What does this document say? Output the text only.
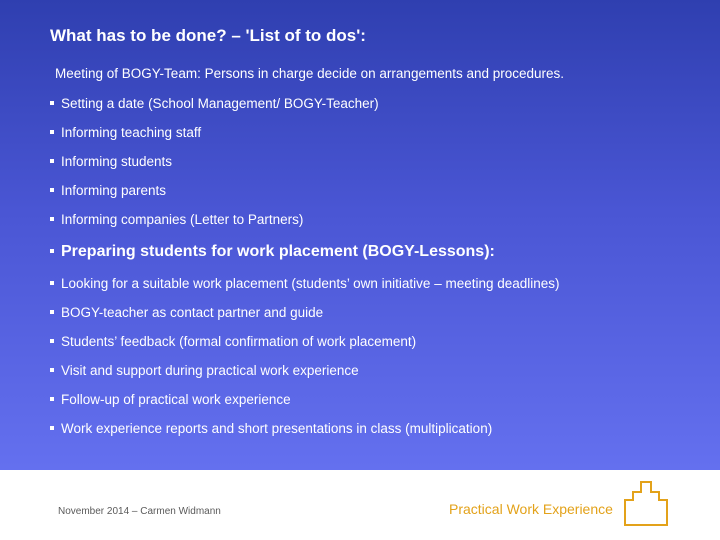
What has to be done? – 'List of to dos':
Meeting of BOGY-Team: Persons in charge decide on arrangements and procedures.
Setting a date (School Management/ BOGY-Teacher)
Informing teaching staff
Informing students
Informing parents
Informing companies (Letter to Partners)
Preparing students for work placement (BOGY-Lessons):
Looking for a suitable work placement (students’ own initiative – meeting deadlines)
BOGY-teacher as contact partner and guide
Students’ feedback (formal confirmation of work placement)
Visit and support during practical work experience
Follow-up of practical work experience
Work experience reports and short presentations in class (multiplication)
November 2014 – Carmen Widmann	Practical Work Experience
